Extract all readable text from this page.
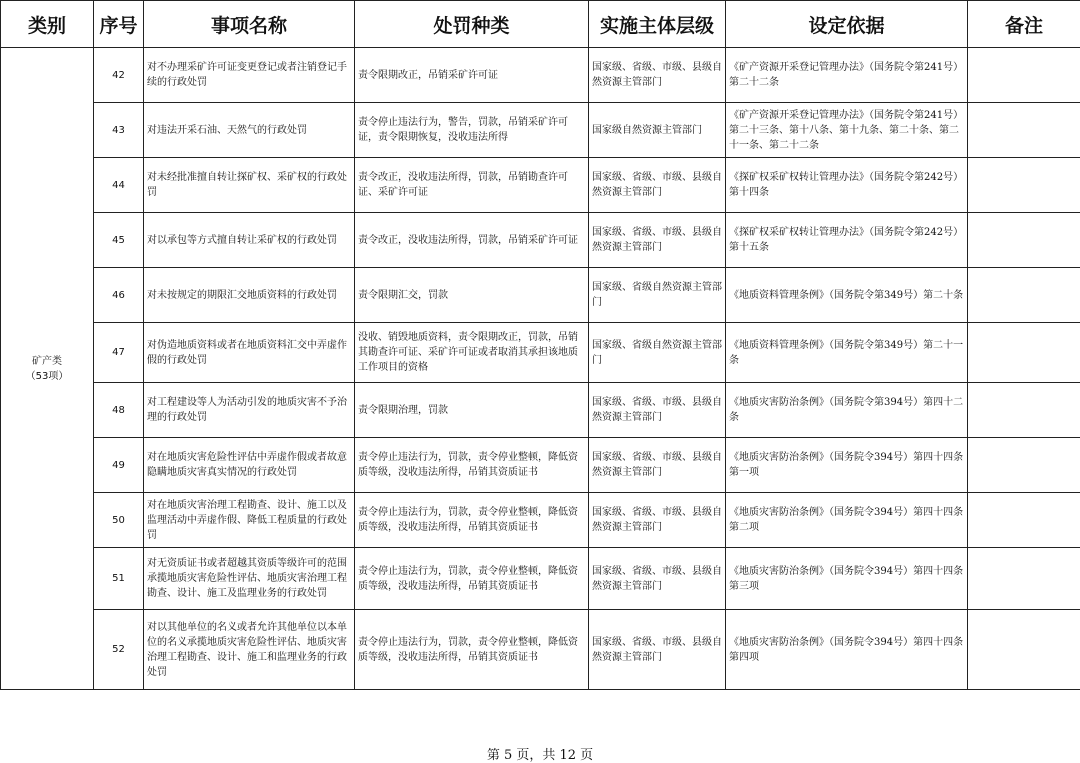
类别	序号	事项名称	处罚种类	实施主体层级	设定依据	备注

矿产类
（53项）	42	对不办理采矿许可证变更登记或者注销登记手续的行政处罚	责令限期改正，吊销采矿许可证	国家级、省级、市级、县级自然资源主管部门	《矿产资源开采登记管理办法》（国务院令第241号）第二十二条	
	43	对违法开采石油、天然气的行政处罚	责令停止违法行为，警告，罚款，吊销采矿许可证，责令限期恢复，没收违法所得	国家级自然资源主管部门	《矿产资源开采登记管理办法》（国务院令第241号）第二十三条、第十八条、第十九条、第二十条、第二十一条、第二十二条	
	44	对未经批准擅自转让探矿权、采矿权的行政处罚	责令改正，没收违法所得，罚款，吊销勘查许可证、采矿许可证	国家级、省级、市级、县级自然资源主管部门	《探矿权采矿权转让管理办法》（国务院令第242号）第十四条	
	45	对以承包等方式擅自转让采矿权的行政处罚	责令改正，没收违法所得，罚款，吊销采矿许可证	国家级、省级、市级、县级自然资源主管部门	《探矿权采矿权转让管理办法》（国务院令第242号）第十五条	
	46	对未按规定的期限汇交地质资料的行政处罚	责令限期汇交，罚款	国家级、省级自然资源主管部门	《地质资料管理条例》（国务院令第349号）第二十条	
	47	对伪造地质资料或者在地质资料汇交中弄虚作假的行政处罚	没收、销毁地质资料，责令限期改正，罚款，吊销其勘查许可证、采矿许可证或者取消其承担该地质工作项目的资格	国家级、省级自然资源主管部门	《地质资料管理条例》（国务院令第349号）第二十一条	
	48	对工程建设等人为活动引发的地质灾害不予治理的行政处罚	责令限期治理，罚款	国家级、省级、市级、县级自然资源主管部门	《地质灾害防治条例》（国务院令第394号）第四十二条	
	49	对在地质灾害危险性评估中弄虚作假或者故意隐瞒地质灾害真实情况的行政处罚	责令停止违法行为，罚款，责令停业整顿，降低资质等级，没收违法所得，吊销其资质证书	国家级、省级、市级、县级自然资源主管部门	《地质灾害防治条例》（国务院令394号）第四十四条第一项	
	50	对在地质灾害治理工程勘查、设计、施工以及监理活动中弄虚作假、降低工程质量的行政处罚	责令停止违法行为，罚款，责令停业整顿，降低资质等级，没收违法所得，吊销其资质证书	国家级、省级、市级、县级自然资源主管部门	《地质灾害防治条例》（国务院令394号）第四十四条第二项	
	51	对无资质证书或者超越其资质等级许可的范围承揽地质灾害危险性评估、地质灾害治理工程勘查、设计、施工及监理业务的行政处罚	责令停止违法行为，罚款，责令停业整顿，降低资质等级，没收违法所得，吊销其资质证书	国家级、省级、市级、县级自然资源主管部门	《地质灾害防治条例》（国务院令394号）第四十四条第三项	
	52	对以其他单位的名义或者允许其他单位以本单位的名义承揽地质灾害危险性评估、地质灾害治理工程勘查、设计、施工和监理业务的行政处罚	责令停止违法行为，罚款，责令停业整顿，降低资质等级，没收违法所得，吊销其资质证书	国家级、省级、市级、县级自然资源主管部门	《地质灾害防治条例》（国务院令394号）第四十四条第四项	
第 5 页，共 12 页
